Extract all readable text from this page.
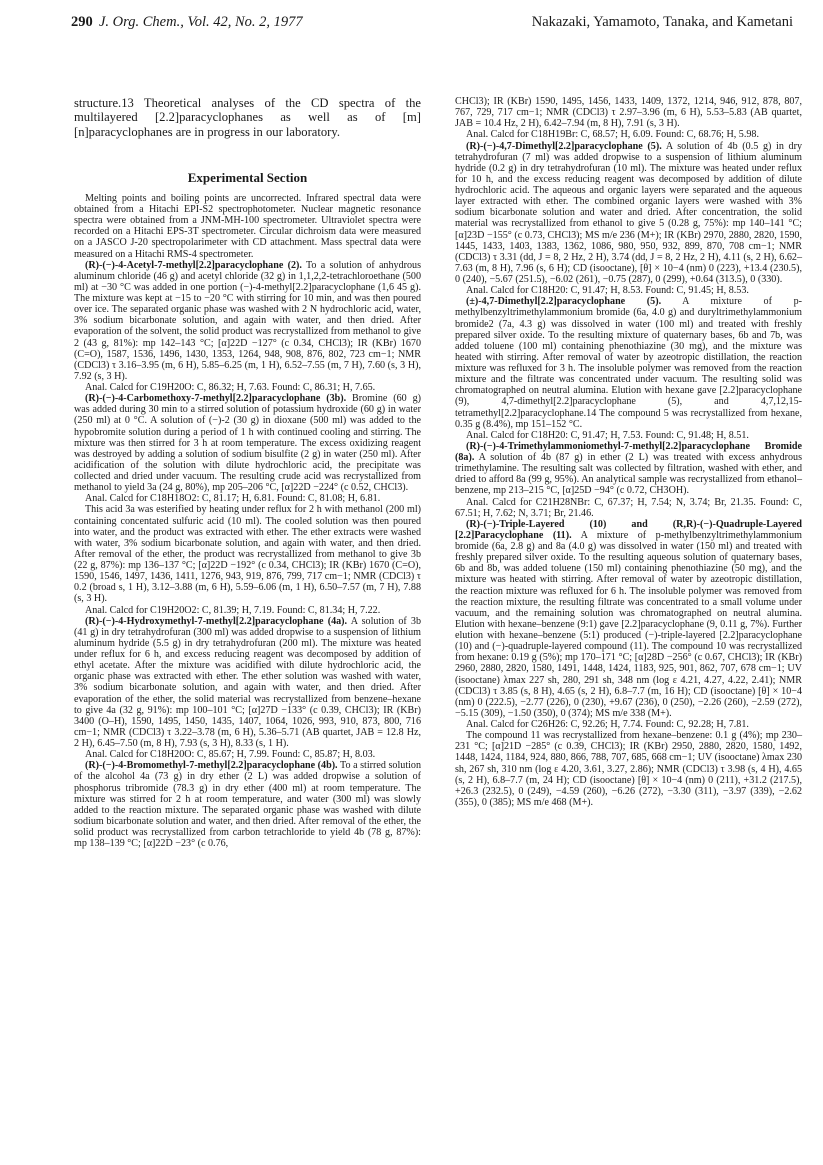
290 J. Org. Chem., Vol. 42, No. 2, 1977	Nakazaki, Yamamoto, Tanaka, and Kametani

structure.13 Theoretical analyses of the CD spectra of the multilayered [2.2]paracyclophanes as well as of [m][n]paracyclophanes are in progress in our laboratory.

Experimental Section

Melting points and boiling points are uncorrected. Infrared spectral data were obtained from a Hitachi EPI-S2 spectrophotometer. Nuclear magnetic resonance spectra were obtained from a JNM-MH-100 spectrometer. Ultraviolet spectra were recorded on a Hitachi EPS-3T spectrometer. Circular dichroism data were measured on a JASCO J-20 spectropolarimeter with CD attachment. Mass spectral data were measured on a Hitachi RMS-4 spectrometer.

(R)-(−)-4-Acetyl-7-methyl[2.2]paracyclophane (2). To a solution of anhydrous aluminum chloride (46 g) and acetyl chloride (32 g) in 1,1,2,2-tetrachloroethane (500 ml) at −30 °C was added in one portion (−)-4-methyl[2.2]paracyclophane (1,6 45 g). The mixture was kept at −15 to −20 °C with stirring for 10 min, and was then poured over ice. The separated organic phase was washed with 2 N hydrochloric acid, water, 3% sodium bicarbonate solution, and again with water, and then dried. After evaporation of the solvent, the solid product was recrystallized from methanol to give 2 (43 g, 81%): mp 142–143 °C; [α]22D −127° (c 0.34, CHCl3); IR (KBr) 1670 (C=O), 1587, 1536, 1496, 1430, 1353, 1264, 948, 908, 876, 802, 723 cm−1; NMR (CDCl3) τ 3.16–3.95 (m, 6 H), 5.85–6.25 (m, 1 H), 6.52–7.55 (m, 7 H), 7.60 (s, 3 H), 7.92 (s, 3 H).

Anal. Calcd for C19H20O: C, 86.32; H, 7.63. Found: C, 86.31; H, 7.65.

(R)-(−)-4-Carbomethoxy-7-methyl[2.2]paracyclophane (3b). Bromine (60 g) was added during 30 min to a stirred solution of potassium hydroxide (60 g) in water (250 ml) at 0 °C. A solution of (−)-2 (30 g) in dioxane (500 ml) was added to the hypobromite solution during a period of 1 h with continued cooling and stirring. The mixture was then stirred for 3 h at room temperature. The excess oxidizing reagent was destroyed by adding a solution of sodium bisulfite (2 g) in water (250 ml). After acidification of the solution with dilute hydrochloric acid, the precipitate was collected and dried under vacuum. The resulting crude acid was recrystallized from methanol to yield 3a (24 g, 80%), mp 205–206 °C, [α]22D −224° (c 0.52, CHCl3).

Anal. Calcd for C18H18O2: C, 81.17; H, 6.81. Found: C, 81.08; H, 6.81.

This acid 3a was esterified by heating under reflux for 2 h with methanol (200 ml) containing concentated sulfuric acid (10 ml). The cooled solution was then poured into water, and the product was extracted with ether. The ether extracts were washed with water, 3% sodium bicarbonate solution, and again with water, and then dried. After removal of the ether, the product was recrystallized from methanol to give 3b (22 g, 87%): mp 136–137 °C; [α]22D −192° (c 0.34, CHCl3); IR (KBr) 1670 (C=O), 1590, 1546, 1497, 1436, 1411, 1276, 943, 919, 876, 799, 717 cm−1; NMR (CDCl3) τ 0.2 (broad s, 1 H), 3.12–3.88 (m, 6 H), 5.59–6.06 (m, 1 H), 6.50–7.57 (m, 7 H), 7.88 (s, 3 H).

Anal. Calcd for C19H20O2: C, 81.39; H, 7.19. Found: C, 81.34; H, 7.22.

(R)-(−)-4-Hydroxymethyl-7-methyl[2.2]paracyclophane (4a). A solution of 3b (41 g) in dry tetrahydrofuran (300 ml) was added dropwise to a suspension of lithium aluminum hydride (5.5 g) in dry tetrahydrofuran (200 ml). The mixture was heated under reflux for 6 h, and excess reducing reagent was decomposed by addition of ethyl acetate. After the mixture was acidified with dilute hydrochloric acid, the organic phase was extracted with ether. The ether solution was washed with water, 3% sodium bicarbonate solution, and again with water, and then dried. After evaporation of the ether, the solid material was recrystallized from benzene–hexane to give 4a (32 g, 91%): mp 100–101 °C; [α]27D −133° (c 0.39, CHCl3); IR (KBr) 3400 (O–H), 1590, 1495, 1450, 1435, 1407, 1064, 1026, 993, 910, 873, 800, 716 cm−1; NMR (CDCl3) τ 3.22–3.78 (m, 6 H), 5.36–5.71 (AB quartet, JAB = 12.8 Hz, 2 H), 6.45–7.50 (m, 8 H), 7.93 (s, 3 H), 8.33 (s, 1 H).

Anal. Calcd for C18H20O: C, 85.67; H, 7.99. Found: C, 85.87; H, 8.03.

(R)-(−)-4-Bromomethyl-7-methyl[2.2]paracyclophane (4b). To a stirred solution of the alcohol 4a (73 g) in dry ether (2 L) was added dropwise a solution of phosphorus tribromide (78.3 g) in dry ether (400 ml) at room temperature. The mixture was stirred for 2 h at room temperature, and water (300 ml) was slowly added to the reaction mixture. The separated organic phase was washed with dilute sodium bicarbonate solution and water, and then dried. After removal of the ether, the solid product was recrystallized from carbon tetrachloride to yield 4b (78 g, 87%): mp 138–139 °C; [α]22D −23° (c 0.76,

CHCl3); IR (KBr) 1590, 1495, 1456, 1433, 1409, 1372, 1214, 946, 912, 878, 807, 767, 729, 717 cm−1; NMR (CDCl3) τ 2.97–3.96 (m, 6 H), 5.53–5.83 (AB quartet, JAB = 10.4 Hz, 2 H), 6.42–7.94 (m, 8 H), 7.91 (s, 3 H).

Anal. Calcd for C18H19Br: C, 68.57; H, 6.09. Found: C, 68.76; H, 5.98.

(R)-(−)-4,7-Dimethyl[2.2]paracyclophane (5). A solution of 4b (0.5 g) in dry tetrahydrofuran (7 ml) was added dropwise to a suspension of lithium aluminum hydride (0.2 g) in dry tetrahydrofuran (10 ml). The mixture was heated under reflux for 10 h, and the excess reducing reagent was decomposed by addition of dilute hydrochloric acid. The aqueous and organic layers were separated and the aqueous layer extracted with ether. The combined organic layers were washed with 3% sodium bicarbonate solution and water and dried. After concentration, the solid material was recrystallized from ethanol to give 5 (0.28 g, 75%): mp 140–141 °C; [α]23D −155° (c 0.73, CHCl3); MS m/e 236 (M+); IR (KBr) 2970, 2880, 2820, 1590, 1445, 1433, 1403, 1383, 1362, 1086, 980, 950, 932, 899, 870, 708 cm−1; NMR (CDCl3) τ 3.31 (dd, J = 8, 2 Hz, 2 H), 3.74 (dd, J = 8, 2 Hz, 2 H), 4.11 (s, 2 H), 6.62–7.63 (m, 8 H), 7.96 (s, 6 H); CD (isooctane), [θ] × 10−4 (nm) 0 (223), +13.4 (230.5), 0 (240), −5.67 (251.5), −6.02 (261), −0.75 (287), 0 (299), +0.64 (313.5), 0 (330).

Anal. Calcd for C18H20: C, 91.47; H, 8.53. Found: C, 91.45; H, 8.53.

(±)-4,7-Dimethyl[2.2]paracyclophane (5). A mixture of p-methylbenzyltrimethylammonium bromide (6a, 4.0 g) and duryltrimethylammonium bromide2 (7a, 4.3 g) was dissolved in water (100 ml) and treated with freshly prepared silver oxide. To the resulting mixture of quaternary bases, 6b and 7b, was added toluene (100 ml) containing phenothiazine (30 mg), and the mixture was heated with stirring. After removal of water by azeotropic distillation, the reaction mixture was refluxed for 3 h. The insoluble polymer was removed from the reaction mixture and the filtrate was concentrated under vacuum. The resulting solid was chromatographed on neutral alumina. Elution with hexane gave [2.2]paracyclophane (9), 4,7-dimethyl[2.2]paracyclophane (5), and 4,7,12,15-tetramethyl[2.2]paracyclophane.14 The compound 5 was recrystallized from hexane, 0.35 g (8.4%), mp 151–152 °C.

Anal. Calcd for C18H20: C, 91.47; H, 7.53. Found: C, 91.48; H, 8.51.

(R)-(−)-4-Trimethylammoniomethyl-7-methyl[2.2]paracyclophane Bromide (8a). A solution of 4b (87 g) in ether (2 L) was treated with excess anhydrous trimethylamine. The resulting salt was collected by filtration, washed with ether, and dried to afford 8a (99 g, 95%). An analytical sample was recrystallized from ethanol–benzene, mp 213–215 °C, [α]25D −94° (c 0.72, CH3OH).

Anal. Calcd for C21H28NBr: C, 67.37; H, 7.54; N, 3.74; Br, 21.35. Found: C, 67.51; H, 7.62; N, 3.71; Br, 21.46.

(R)-(−)-Triple-Layered (10) and (R,R)-(−)-Quadruple-Layered [2.2]Paracyclophane (11). A mixture of p-methylbenzyltrimethylammonium bromide (6a, 2.8 g) and 8a (4.0 g) was dissolved in water (150 ml) and treated with freshly prepared silver oxide. To the resulting aqueous solution of quaternary bases, 6b and 8b, was added toluene (150 ml) containing phenothiazine (50 mg), and the mixture was heated with stirring. After removal of water by azeotropic distillation, the reaction mixture was refluxed for 6 h. The insoluble polymer was removed from the reaction mixture, the resulting filtrate was concentrated to a small volume under vacuum, and the remaining solution was chromatographed on neutral alumina. Elution with hexane–benzene (9:1) gave [2.2]paracyclophane (9, 0.11 g, 7%). Further elution with hexane–benzene (5:1) produced (−)-triple-layered [2.2]paracyclophane (10) and (−)-quadruple-layered compound (11). The compound 10 was recrystallized from hexane: 0.19 g (5%); mp 170–171 °C; [α]28D −256° (c 0.67, CHCl3); IR (KBr) 2960, 2880, 2820, 1580, 1491, 1448, 1424, 1183, 925, 901, 862, 707, 678 cm−1; UV (isooctane) λmax 227 sh, 280, 291 sh, 348 nm (log ε 4.21, 4.27, 4.22, 2.41); NMR (CDCl3) τ 3.85 (s, 8 H), 4.65 (s, 2 H), 6.8–7.7 (m, 16 H); CD (isooctane) [θ] × 10−4 (nm) 0 (222.5), −2.77 (226), 0 (230), +9.67 (236), 0 (250), −2.26 (260), −2.59 (272), −5.15 (309), −1.50 (350), 0 (374); MS m/e 338 (M+).

Anal. Calcd for C26H26: C, 92.26; H, 7.74. Found: C, 92.28; H, 7.81.

The compound 11 was recrystallized from hexane–benzene: 0.1 g (4%); mp 230–231 °C; [α]21D −285° (c 0.39, CHCl3); IR (KBr) 2950, 2880, 2820, 1580, 1492, 1448, 1424, 1184, 924, 880, 866, 788, 707, 685, 668 cm−1; UV (isooctane) λmax 230 sh, 267 sh, 310 nm (log ε 4.20, 3.61, 3.27, 2.86); NMR (CDCl3) τ 3.98 (s, 4 H), 4.65 (s, 2 H), 6.8–7.7 (m, 24 H); CD (isooctane) [θ] × 10−4 (nm) 0 (211), +31.2 (217.5), +26.3 (232.5), 0 (249), −4.59 (260), −6.26 (272), −3.30 (311), −3.97 (339), −2.62 (355), 0 (385); MS m/e 468 (M+).
